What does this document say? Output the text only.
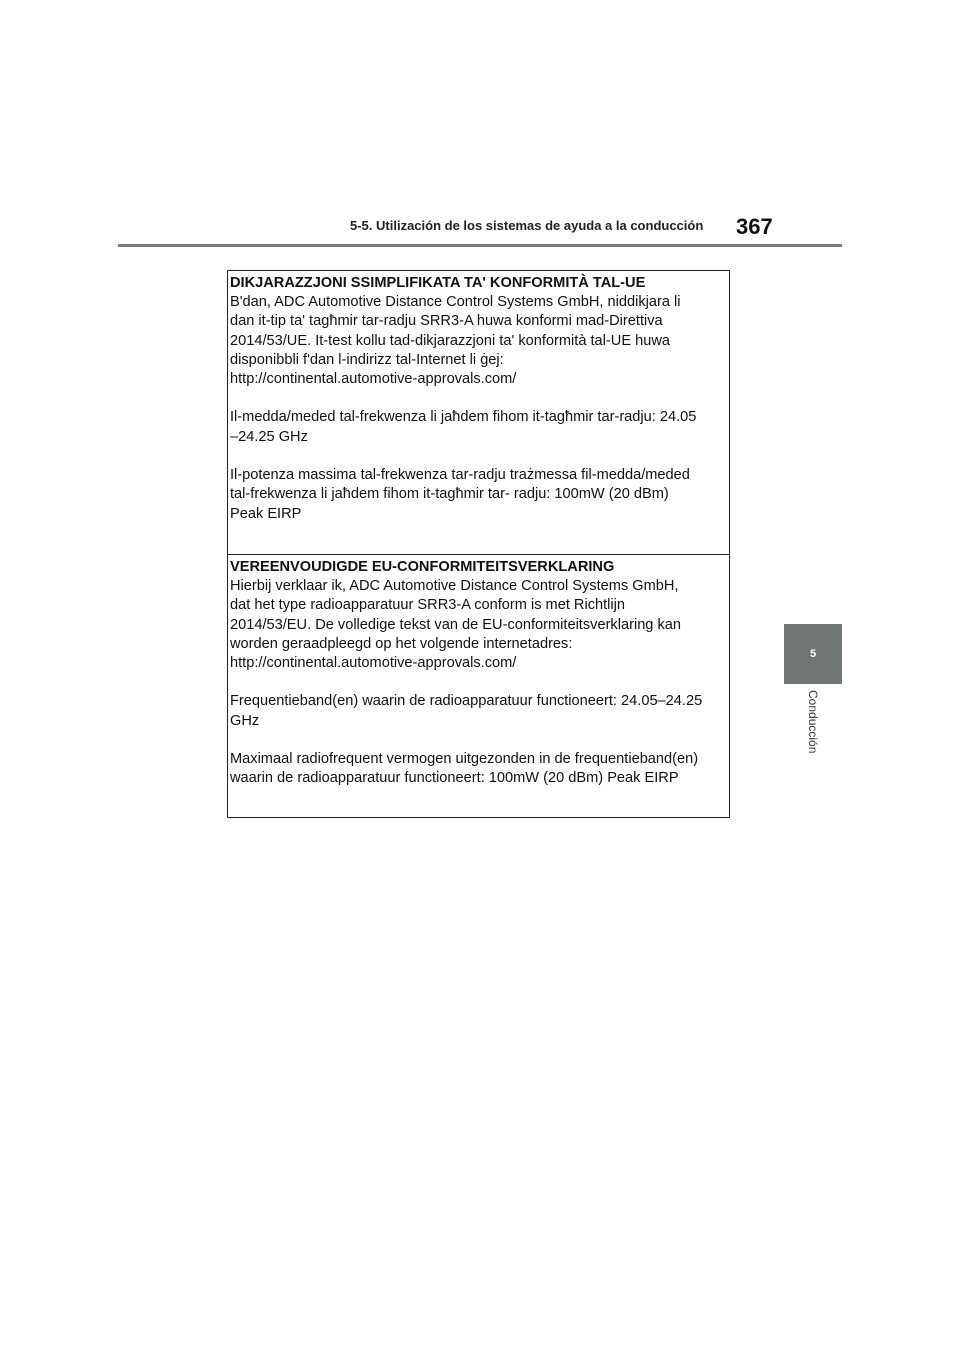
5-5. Utilización de los sistemas de ayuda a la conducción 367
5
Conducción
DIKJARAZZJONI SSIMPLIFIKATA TA' KONFORMITÀ TAL-UE

B'dan, ADC Automotive Distance Control Systems GmbH, niddikjara li
dan it-tip ta' tagħmir tar-radju SRR3-A huwa konformi mad-Direttiva
2014/53/UE. It-test kollu tad-dikjarazzjoni ta' konformità tal-UE huwa
disponibbli f'dan l-indirizz tal-Internet li ġej:
http://continental.automotive-approvals.com/

Il-medda/meded tal-frekwenza li jaħdem fihom it-tagħmir tar-radju: 24.05
–24.25 GHz

Il-potenza massima tal-frekwenza tar-radju trażmessa fil-medda/meded
tal-frekwenza li jaħdem fihom it-tagħmir tar- radju: 100mW (20 dBm)
Peak EIRP

VEREENVOUDIGDE EU-CONFORMITEITSVERKLARING

Hierbij verklaar ik, ADC Automotive Distance Control Systems GmbH,
dat het type radioapparatuur SRR3-A conform is met Richtlijn
2014/53/EU. De volledige tekst van de EU-conformiteitsverklaring kan
worden geraadpleegd op het volgende internetadres:
http://continental.automotive-approvals.com/

Frequentieband(en) waarin de radioapparatuur functioneert: 24.05–24.25
GHz

Maximaal radiofrequent vermogen uitgezonden in de frequentieband(en)
waarin de radioapparatuur functioneert: 100mW (20 dBm) Peak EIRP
